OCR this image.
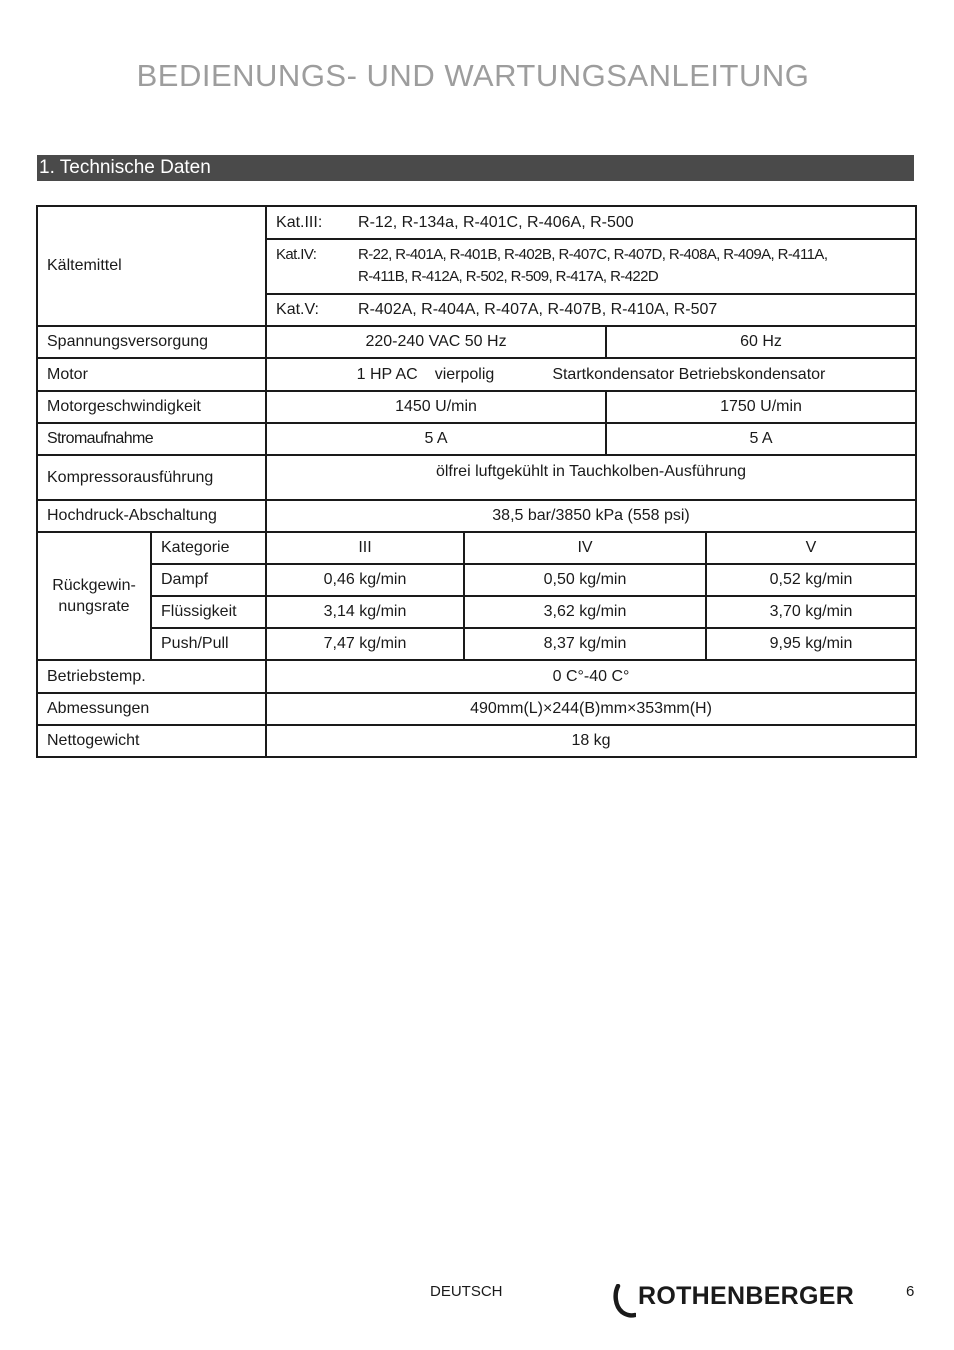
BEDIENUNGS- UND WARTUNGSANLEITUNG
1. Technische Daten
Kältemittel		Kat.III: R-12, R-134a, R-401C, R-406A, R-500			

		Kat.IV: R-22, R-401A, R-401B, R-402B, R-407C, R-407D, R-408A, R-409A, R-411A,
R-411B, R-412A, R-502, R-509, R-417A, R-422D			

		Kat.V: R-402A, R-404A, R-407A, R-407B, R-410A, R-507			

Spannungsversorgung		220-240 VAC 50 Hz		60 Hz	
Motor		1 HP AC vierpolig Startkondensator Betriebskondensator			
Motorgeschwindigkeit		1450 U/min		1750 U/min	
Stromaufnahme		5 A		5 A	
Kompressorausführung		ölfrei luftgekühlt in Tauchkolben-Ausführung			
Hochdruck-Abschaltung		38,5 bar/3850 kPa (558 psi)			

Rückgewin-
nungsrate	Kategorie	III	IV		V
	Dampf	0,46 kg/min	0,50 kg/min		0,52 kg/min
	Flüssigkeit	3,14 kg/min	3,62 kg/min		3,70 kg/min
	Push/Pull	7,47 kg/min	8,37 kg/min		9,95 kg/min
Betriebstemp.		0 C°-40 C°			
Abmessungen		490mm(L)×244(B)mm×353mm(H)			
Nettogewicht		18 kg			
DEUTSCH	ROTHENBERGER	6
